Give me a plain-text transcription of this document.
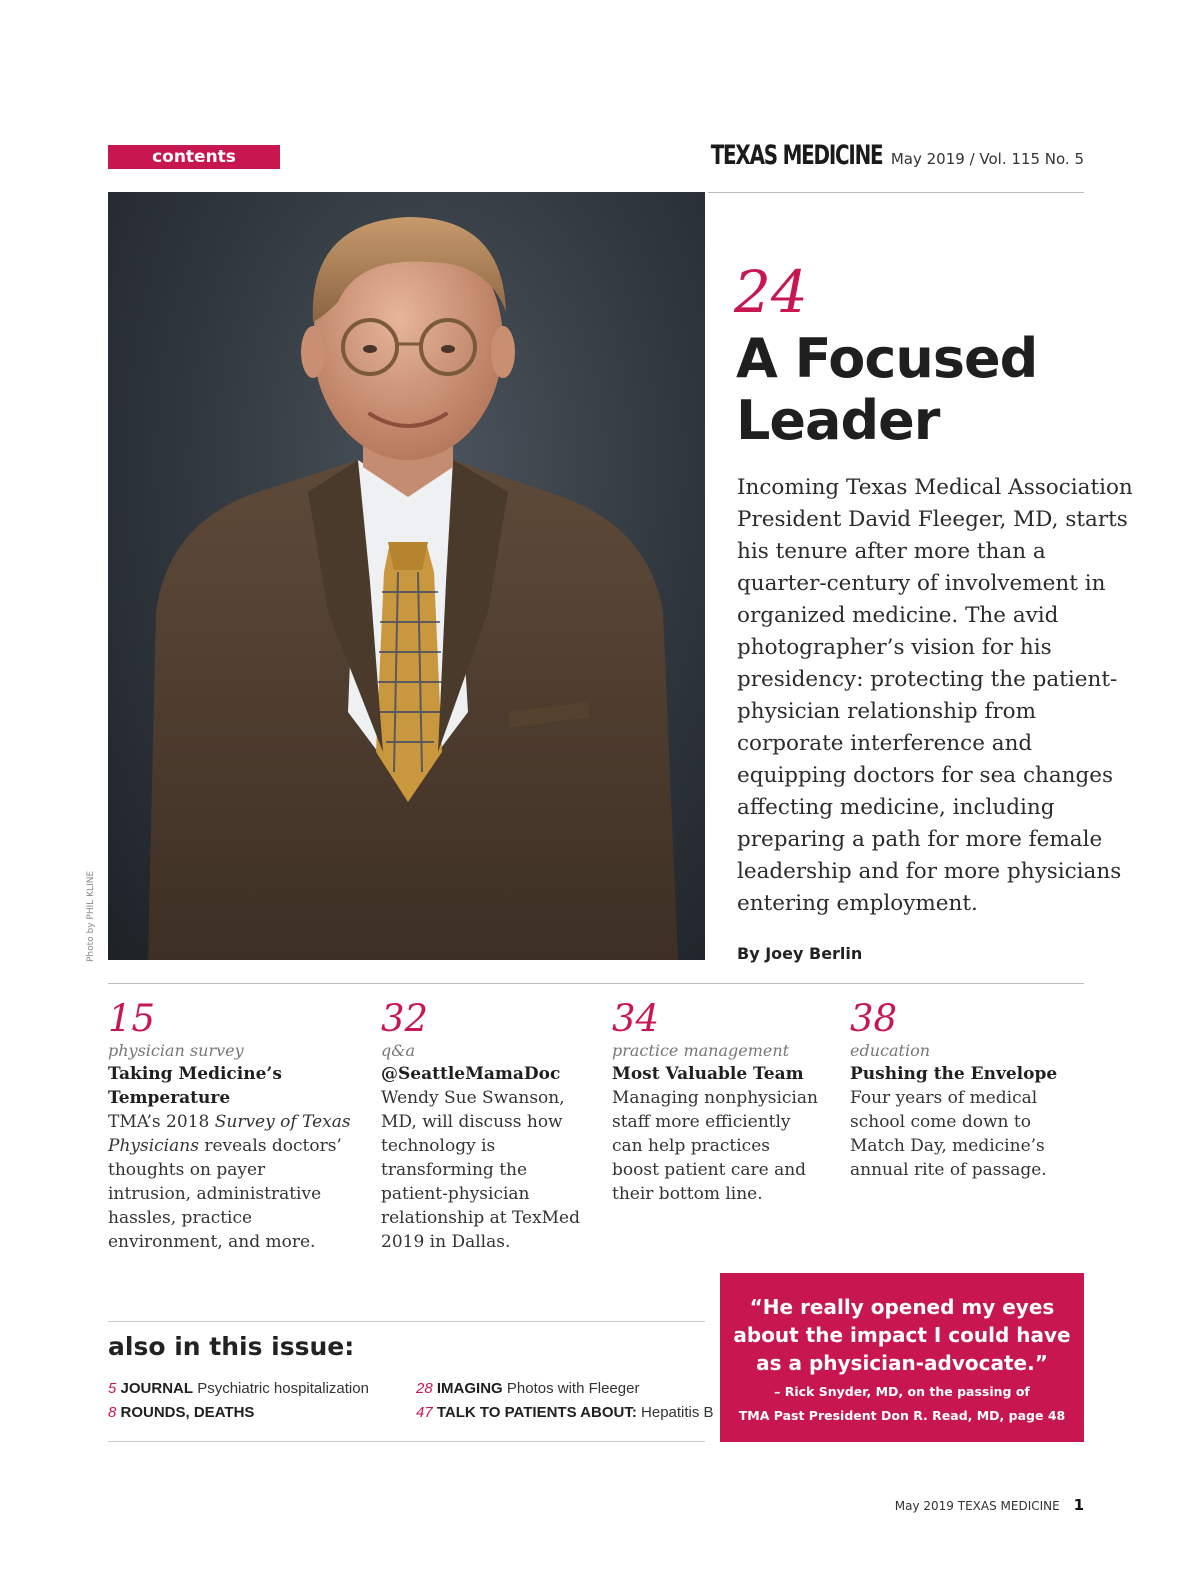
contents	TEXAS MEDICINE May 2019 / Vol. 115 No. 5
Photo by PHIL KLINE
24
A Focused
Leader

Incoming Texas Medical Association President David Fleeger, MD, starts his tenure after more than a quarter-century of involvement in organized medicine. The avid photographer’s vision for his presidency: protecting the patient-physician relationship from corporate interference and equipping doctors for sea changes affecting medicine, including preparing a path for more female leadership and for more physicians entering employment.

By Joey Berlin
15
physician survey
Taking Medicine’s Temperature
TMA’s 2018 Survey of Texas Physicians reveals doctors’ thoughts on payer intrusion, administrative hassles, practice environment, and more.
32
q&a
@SeattleMamaDoc
Wendy Sue Swanson, MD, will discuss how technology is transforming the patient-physician relationship at TexMed 2019 in Dallas.
34
practice management
Most Valuable Team
Managing nonphysician staff more efficiently can help practices boost patient care and their bottom line.
38
education
Pushing the Envelope
Four years of medical school come down to Match Day, medicine’s annual rite of passage.
also in this issue:
5 JOURNAL Psychiatric hospitalization
8 ROUNDS, DEATHS
28 IMAGING Photos with Fleeger
47 TALK TO PATIENTS ABOUT: Hepatitis B
“He really opened my eyes about the impact I could have as a physician-advocate.”
– Rick Snyder, MD, on the passing of
TMA Past President Don R. Read, MD, page 48
May 2019 TEXAS MEDICINE 1
